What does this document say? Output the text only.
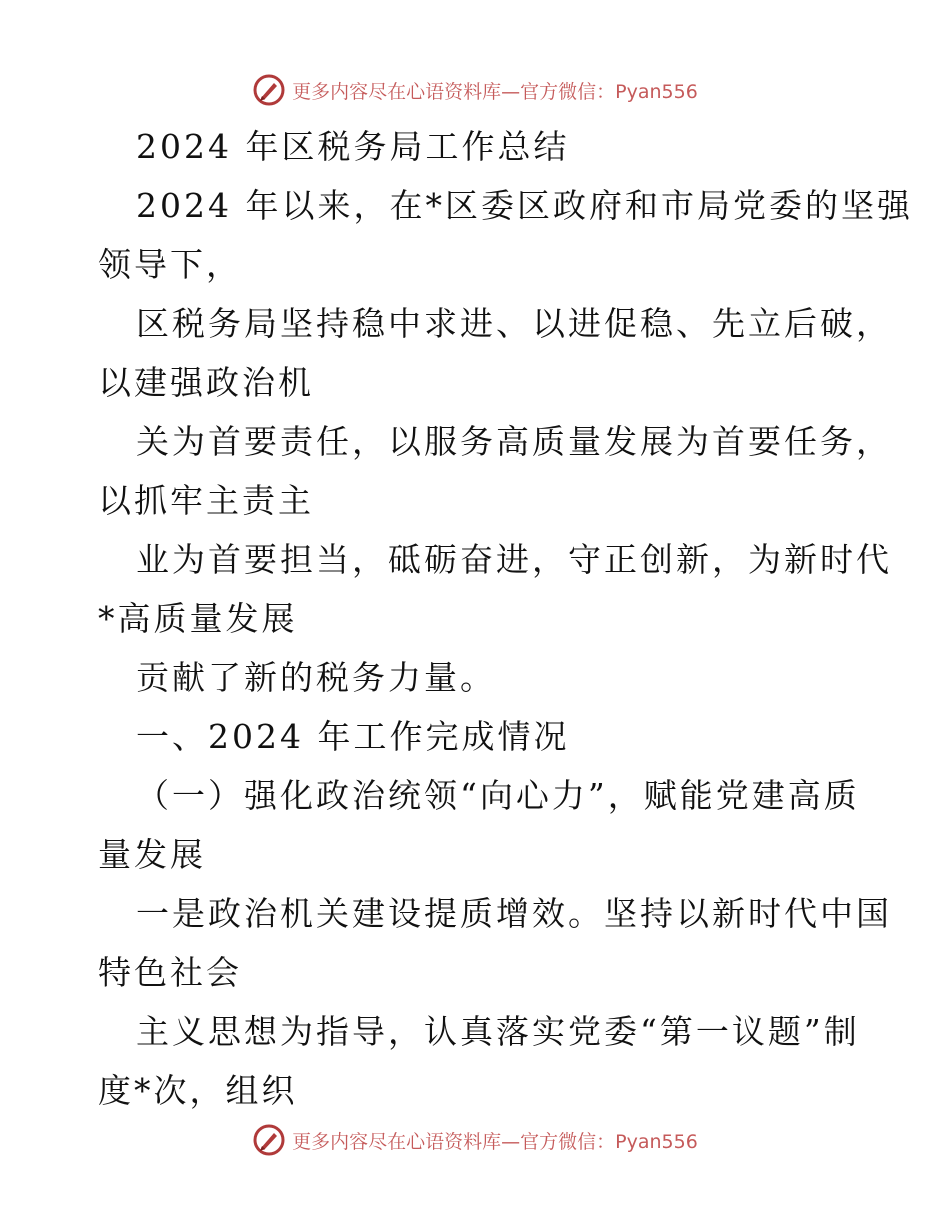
更多内容尽在心语资料库—官方微信：Pyan556
2024 年区税务局工作总结
2024 年以来，在*区委区政府和市局党委的坚强
领导下，
区税务局坚持稳中求进、以进促稳、先立后破，
以建强政治机
关为首要责任，以服务高质量发展为首要任务，
以抓牢主责主
业为首要担当，砥砺奋进，守正创新，为新时代
*高质量发展
贡献了新的税务力量。
一、2024 年工作完成情况
（一）强化政治统领“向心力”，赋能党建高质
量发展
一是政治机关建设提质增效。坚持以新时代中国
特色社会
主义思想为指导，认真落实党委“第一议题”制
度*次，组织
更多内容尽在心语资料库—官方微信：Pyan556
